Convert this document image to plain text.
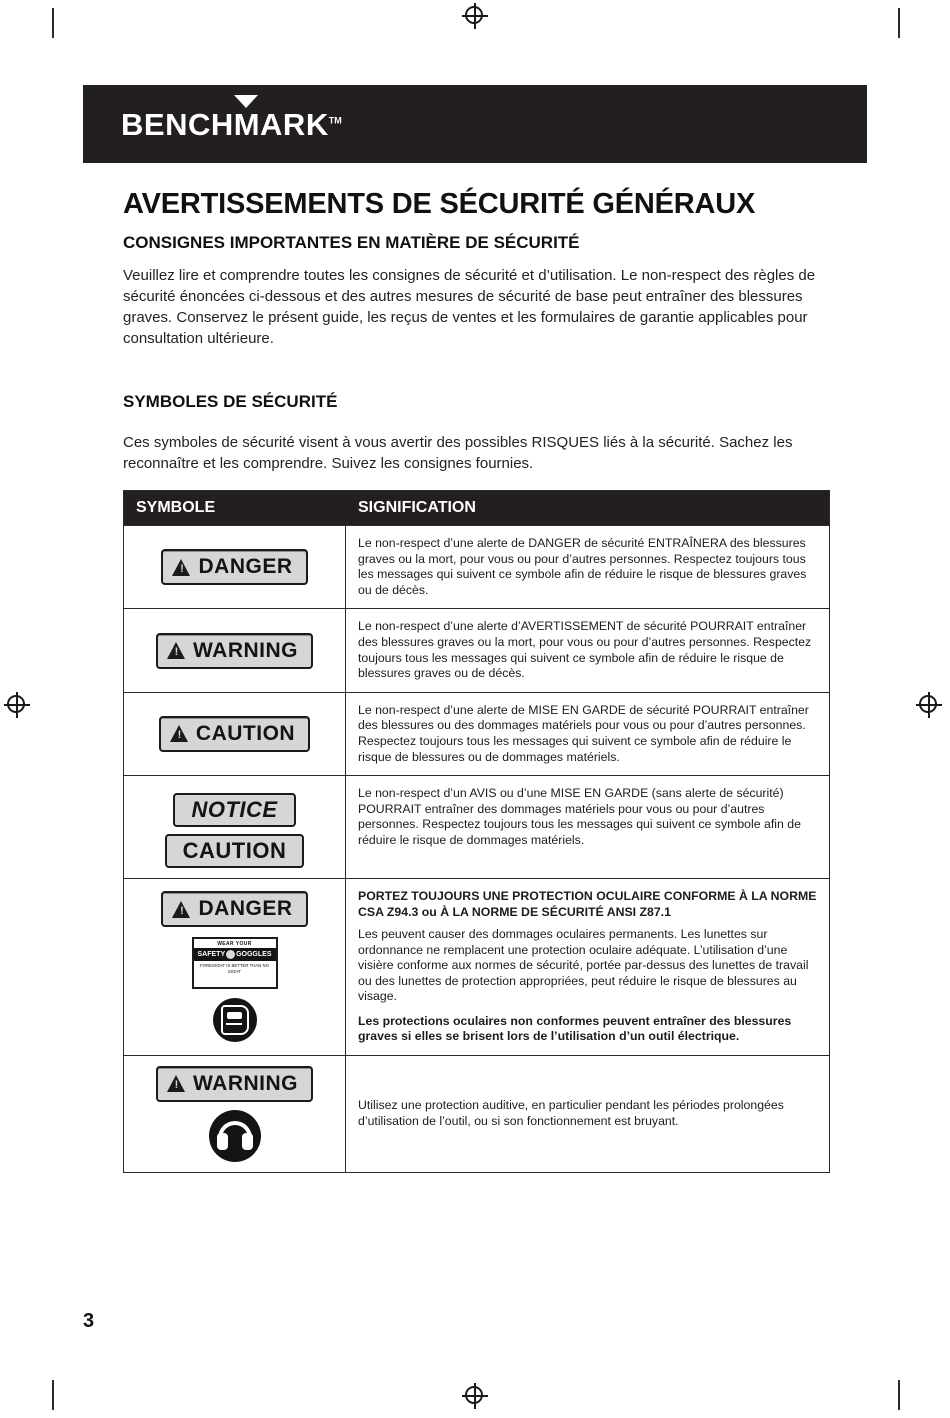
BENCHMARK™
AVERTISSEMENTS DE SÉCURITÉ GÉNÉRAUX
CONSIGNES IMPORTANTES EN MATIÈRE DE SÉCURITÉ

Veuillez lire et comprendre toutes les consignes de sécurité et d’utilisation. Le non-respect des règles de sécurité énoncées ci-dessous et des autres mesures de sécurité de base peut entraîner des blessures graves. Conservez le présent guide, les reçus de ventes et les formulaires de garantie applicables pour consultation ultérieure.

SYMBOLES DE SÉCURITÉ

Ces symboles de sécurité visent à vous avertir des possibles RISQUES liés à la sécurité. Sachez les reconnaître et les comprendre. Suivez les consignes fournies.

SYMBOLE	SIGNIFICATION
!
DANGER
Le non-respect d’une alerte de DANGER de sécurité ENTRAÎNERA des blessures graves ou la mort, pour vous ou pour d’autres personnes. Respectez toujours tous les messages qui suivent ce symbole afin de réduire le risque de blessures graves ou de décès.
!
WARNING
Le non-respect d’une alerte d’AVERTISSEMENT de sécurité POURRAIT entraîner des blessures graves ou la mort, pour vous ou pour d’autres personnes. Respectez toujours tous les messages qui suivent ce symbole afin de réduire le risque de blessures graves ou de décès.
!
CAUTION
Le non-respect d’une alerte de MISE EN GARDE de sécurité POURRAIT entraîner des blessures ou des dommages matériels pour vous ou pour d’autres personnes. Respectez toujours tous les messages qui suivent ce symbole afin de réduire le risque de blessures ou de dommages matériels.
NOTICE
CAUTION
Le non-respect d’un AVIS ou d’une MISE EN GARDE (sans alerte de sécurité) POURRAIT entraîner des dommages matériels pour vous ou pour d’autres personnes. Respectez toujours tous les messages qui suivent ce symbole afin de réduire le risque de dommages matériels.
!
DANGER
WEAR YOUR
SAFETY GOGGLES
FORESIGHT IS BETTER THAN NO SIGHT
PORTEZ TOUJOURS UNE PROTECTION OCULAIRE CONFORME À LA NORME CSA Z94.3 ou À LA NORME DE SÉCURITÉ ANSI Z87.1
Les peuvent causer des dommages oculaires permanents. Les lunettes sur ordonnance ne remplacent une protection oculaire adéquate. L’utilisation d’une visière conforme aux normes de sécurité, portée par-dessus des lunettes de travail ou des lunettes de protection appropriées, peut réduire le risque de blessures au visage.
Les protections oculaires non conformes peuvent entraîner des blessures graves si elles se brisent lors de l’utilisation d’un outil électrique.
!
WARNING
Utilisez une protection auditive, en particulier pendant les périodes prolongées d’utilisation de l’outil, ou si son fonctionnement est bruyant.
3
